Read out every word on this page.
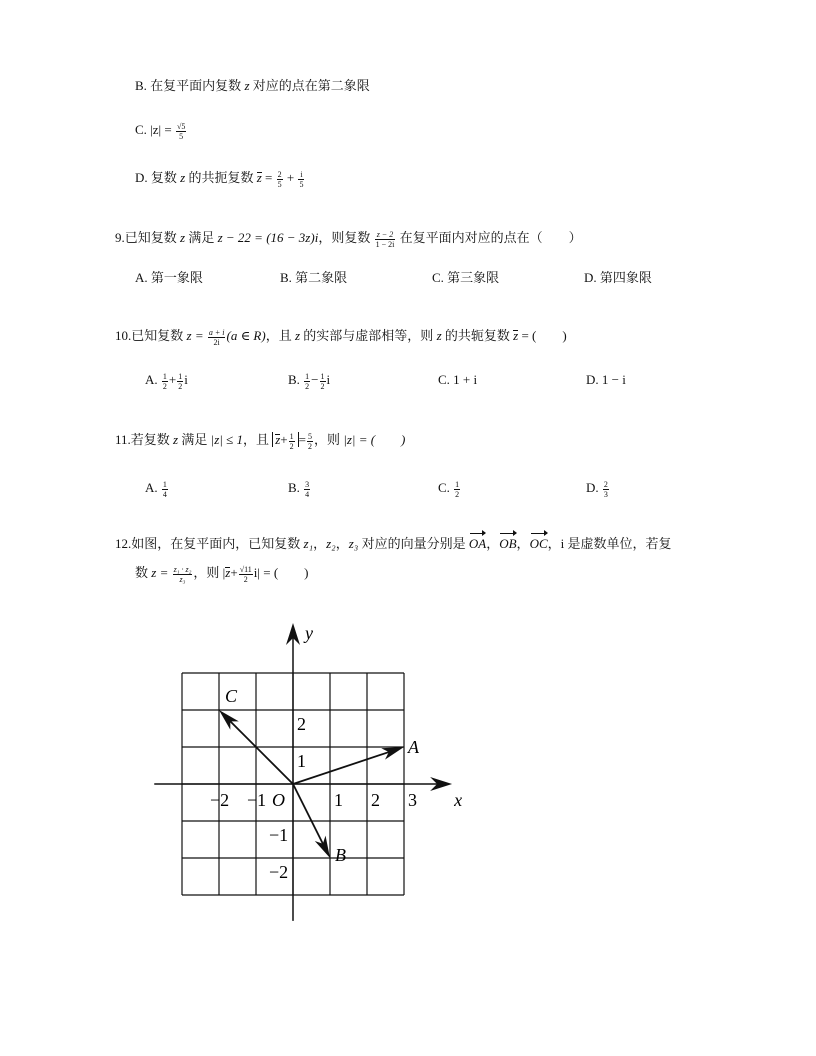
B. 在复平面内复数 z 对应的点在第二象限
C. $|z| = \frac{√5}{5}$
D. 复数 z 的共扼复数 $z = \frac{2}{5} + \frac{i}{5}$
9.已知复数 z 满足 z − 22 = (16 − 3z)i，则复数 $\frac{z - 2}{1 - 2i}$ 在复平面内对应的点在（　　）
A. 第一象限	B. 第二象限	C. 第三象限	D. 第四象限
10.已知复数 $z = \frac{a + i}{2i} (a$ ∈ R)，且 z 的实部与虚部相等，则 z 的共轭复数 z = (　　)
A. $\frac{1}{2} + \frac{1}{2}$ i	B. $\frac{1}{2} - \frac{1}{2}$ i	C. 1 + i	D. 1 − i
11.若复数 z 满足 |z| ≤ 1，且 $z+ \frac{1}{2} = \frac{5}{2}$ ，则 |z| = (　　)
A. $\frac{1}{4}$	B. $\frac{3}{4}$	C. $\frac{1}{2}$	D. $\frac{2}{3}$
12.如图，在复平面内，已知复数 z₁，z₂，z₃ 对应的向量分别是 OA，OB，OC，i 是虚数单位，若复
数 $z = \frac{\text{z₁ · z₂}}{\text{z₃}}$ ，则 $|z+ \frac{√11}{2} i|$ = (　　)
x
y
O
−2 −1	1 2 3
2
1
−1
−2
A
B
C
